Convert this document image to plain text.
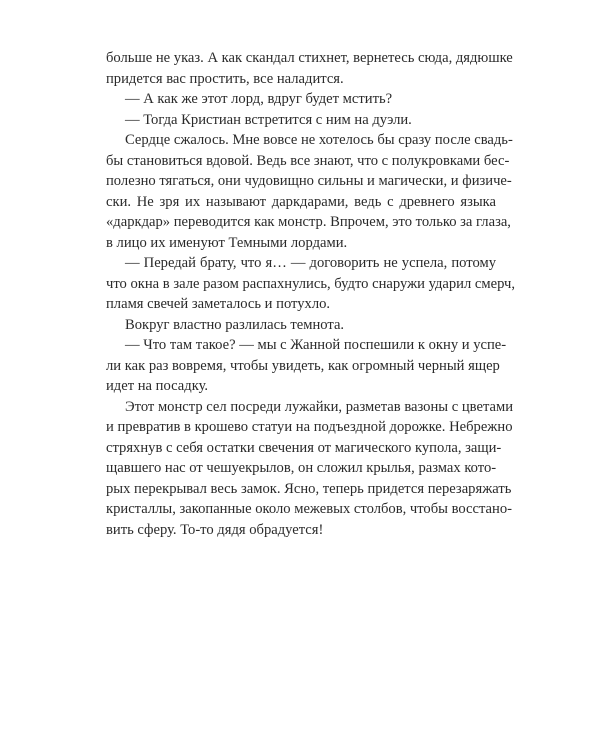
больше не указ. А как скандал стихнет, вернетесь сюда, дядюшке
придется вас простить, все наладится.
— А как же этот лорд, вдруг будет мстить?
— Тогда Кристиан встретится с ним на дуэли.
Сердце сжалось. Мне вовсе не хотелось бы сразу после свадь-
бы становиться вдовой. Ведь все знают, что с полукровками бес-
полезно тягаться, они чудовищно сильны и магически, и физиче-
ски. Не зря их называют даркдарами, ведь с древнего языка
«даркдар» переводится как монстр. Впрочем, это только за глаза,
в лицо их именуют Темными лордами.
— Передай брату, что я… — договорить не успела, потому
что окна в зале разом распахнулись, будто снаружи ударил смерч,
пламя свечей заметалось и потухло.
Вокруг властно разлилась темнота.
— Что там такое? — мы с Жанной поспешили к окну и успе-
ли как раз вовремя, чтобы увидеть, как огромный черный ящер
идет на посадку.
Этот монстр сел посреди лужайки, разметав вазоны с цветами
и превратив в крошево статуи на подъездной дорожке. Небрежно
стряхнув с себя остатки свечения от магического купола, защи-
щавшего нас от чешуекрылов, он сложил крылья, размах кото-
рых перекрывал весь замок. Ясно, теперь придется перезаряжать
кристаллы, закопанные около межевых столбов, чтобы восстано-
вить сферу. То-то дядя обрадуется!
